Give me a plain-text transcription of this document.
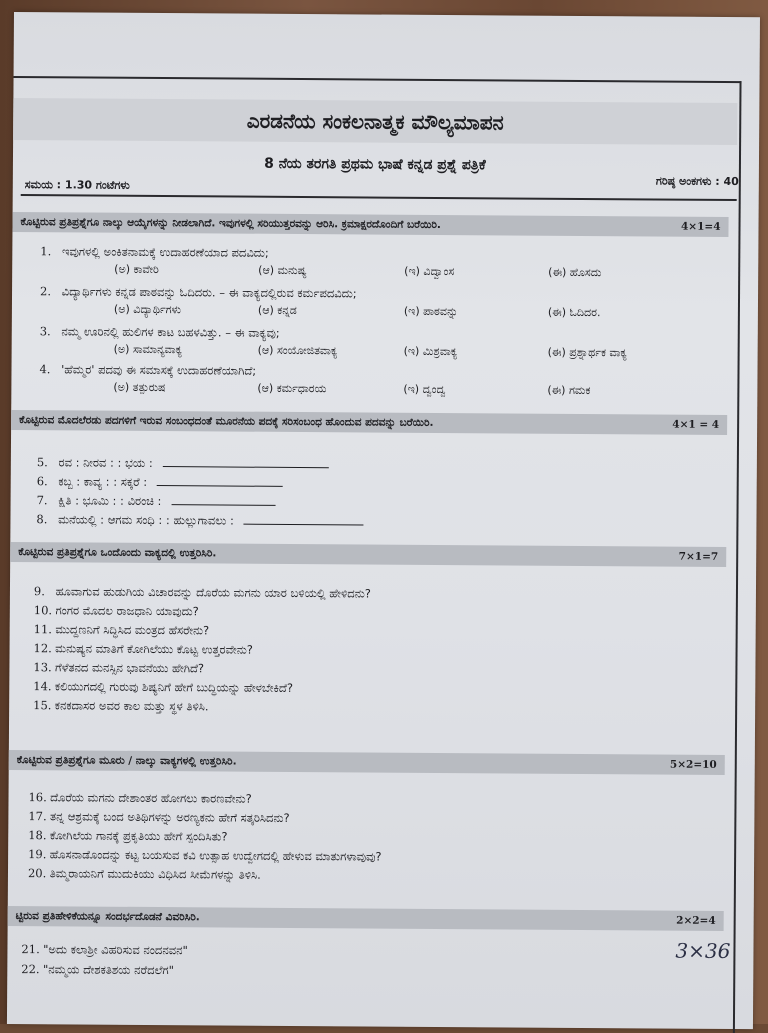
ಎರಡನೆಯ ಸಂಕಲನಾತ್ಮಕ ಮೌಲ್ಯಮಾಪನ
8 ನೆಯ ತರಗತಿ ಪ್ರಥಮ ಭಾಷೆ ಕನ್ನಡ ಪ್ರಶ್ನೆ ಪತ್ರಿಕೆ
ಸಮಯ : 1.30 ಗಂಟೆಗಳು	ಗರಿಷ್ಠ ಅಂಕಗಳು : 40
ಕೊಟ್ಟಿರುವ ಪ್ರತಿಪ್ರಶ್ನೆಗೂ ನಾಲ್ಕು ಆಯ್ಕೆಗಳನ್ನು ನೀಡಲಾಗಿದೆ. ಇವುಗಳಲ್ಲಿ ಸರಿಯುತ್ತರವನ್ನು ಆರಿಸಿ. ಕ್ರಮಾಕ್ಷರದೊಂದಿಗೆ ಬರೆಯಿರಿ.	4×1=4
1. ಇವುಗಳಲ್ಲಿ ಅಂಕಿತನಾಮಕ್ಕೆ ಉದಾಹರಣೆಯಾದ ಪದವಿದು;
(ಅ) ಕಾವೇರಿ	(ಆ) ಮನುಷ್ಯ	(ಇ) ವಿದ್ವಾಂಸ	(ಈ) ಹೊಸದು
2. ವಿದ್ಯಾರ್ಥಿಗಳು ಕನ್ನಡ ಪಾಠವನ್ನು ಓದಿದರು. – ಈ ವಾಕ್ಯದಲ್ಲಿರುವ ಕರ್ಮಪದವಿದು;
(ಅ) ವಿದ್ಯಾರ್ಥಿಗಳು	(ಆ) ಕನ್ನಡ	(ಇ) ಪಾಠವನ್ನು	(ಈ) ಓದಿದರ.
3. ನಮ್ಮ ಊರಿನಲ್ಲಿ ಹುಲಿಗಳ ಕಾಟ ಬಹಳವಿತ್ತು. – ಈ ವಾಕ್ಯವು;
(ಅ) ಸಾಮಾನ್ಯವಾಕ್ಯ	(ಆ) ಸಂಯೋಜಿತವಾಕ್ಯ	(ಇ) ಮಿಶ್ರವಾಕ್ಯ	(ಈ) ಪ್ರಶ್ನಾರ್ಥಕ ವಾಕ್ಯ
4. 'ಹೆಮ್ಮರ' ಪದವು ಈ ಸಮಾಸಕ್ಕೆ ಉದಾಹರಣೆಯಾಗಿದೆ;
(ಅ) ತತ್ಪುರುಷ	(ಆ) ಕರ್ಮಧಾರಯ	(ಇ) ದ್ವಂದ್ವ	(ಈ) ಗಮಕ
ಕೊಟ್ಟಿರುವ ಮೊದಲೆರಡು ಪದಗಳಿಗೆ ಇರುವ ಸಂಬಂಧದಂತೆ ಮೂರನೆಯ ಪದಕ್ಕೆ ಸರಿಸಂಬಂಧ ಹೊಂದುವ ಪದವನ್ನು ಬರೆಯಿರಿ.	4×1 = 4
5. ರವ : ನೀರವ : : ಭಯ :
6. ಕಬ್ಬ : ಕಾವ್ಯ : : ಸಕ್ಕರೆ :
7. ಕ್ಷಿತಿ : ಭೂಮಿ : : ವಿರಂಚಿ :
8. ಮನೆಯಲ್ಲಿ : ಆಗಮ ಸಂಧಿ : : ಹುಲ್ಲುಗಾವಲು :
ಕೊಟ್ಟಿರುವ ಪ್ರತಿಪ್ರಶ್ನೆಗೂ ಒಂದೊಂದು ವಾಕ್ಯದಲ್ಲಿ ಉತ್ತರಿಸಿರಿ.	7×1=7
9. ಹೂವಾಗುವ ಹುಡುಗಿಯ ವಿಚಾರವನ್ನು ದೊರೆಯ ಮಗನು ಯಾರ ಬಳಿಯಲ್ಲಿ ಹೇಳಿದನು?
10. ಗಂಗರ ಮೊದಲ ರಾಜಧಾನಿ ಯಾವುದು?
11. ಮುದ್ದಣನಿಗೆ ಸಿದ್ಧಿಸಿದ ಮಂತ್ರದ ಹೆಸರೇನು?
12. ಮನುಷ್ಯನ ಮಾತಿಗೆ ಕೋಗಿಲೆಯು ಕೊಟ್ಟ ಉತ್ತರವೇನು?
13. ಗೆಳೆತನದ ಮನಸ್ಸಿನ ಭಾವನೆಯು ಹೇಗಿದೆ?
14. ಕಲಿಯುಗದಲ್ಲಿ ಗುರುವು ಶಿಷ್ಯನಿಗೆ ಹೇಗೆ ಬುದ್ಧಿಯನ್ನು ಹೇಳಬೇಕಿದೆ?
15. ಕನಕದಾಸರ ಅವರ ಕಾಲ ಮತ್ತು ಸ್ಥಳ ತಿಳಿಸಿ.
ಕೊಟ್ಟಿರುವ ಪ್ರತಿಪ್ರಶ್ನೆಗೂ ಮೂರು / ನಾಲ್ಕು ವಾಕ್ಯಗಳಲ್ಲಿ ಉತ್ತರಿಸಿರಿ.	5×2=10
16. ದೊರೆಯ ಮಗನು ದೇಶಾಂತರ ಹೋಗಲು ಕಾರಣವೇನು?
17. ತನ್ನ ಆಶ್ರಮಕ್ಕೆ ಬಂದ ಅತಿಥಿಗಳನ್ನು ಅರಣ್ಯಕನು ಹೇಗೆ ಸತ್ಕರಿಸಿದನು?
18. ಕೋಗಿಲೆಯ ಗಾನಕ್ಕೆ ಪ್ರಕೃತಿಯು ಹೇಗೆ ಸ್ಪಂದಿಸಿತು?
19. ಹೊಸನಾಡೊಂದನ್ನು ಕಟ್ಟ ಬಯಸುವ ಕವಿ ಉತ್ಸಾಹ ಉದ್ವೇಗದಲ್ಲಿ ಹೇಳುವ ಮಾತುಗಳಾವುವು?
20. ತಿಮ್ಮರಾಯನಿಗೆ ಮುದುಕಿಯು ವಿಧಿಸಿದ ಸೀಮೆಗಳನ್ನು ತಿಳಿಸಿ.
ಟ್ಟಿರುವ ಪ್ರತಿಹೇಳಿಕೆಯನ್ನೂ ಸಂದರ್ಭದೊಡನೆ ವಿವರಿಸಿರಿ.	2×2=4
21. "ಅದು ಕಲಾಶ್ರೀ ವಿಹರಿಸುವ ನಂದನವನ"
22. "ನಮ್ಮಯ ದೇಶಕತಿಶಯ ನರೆದಲೆಗ"
3×36
